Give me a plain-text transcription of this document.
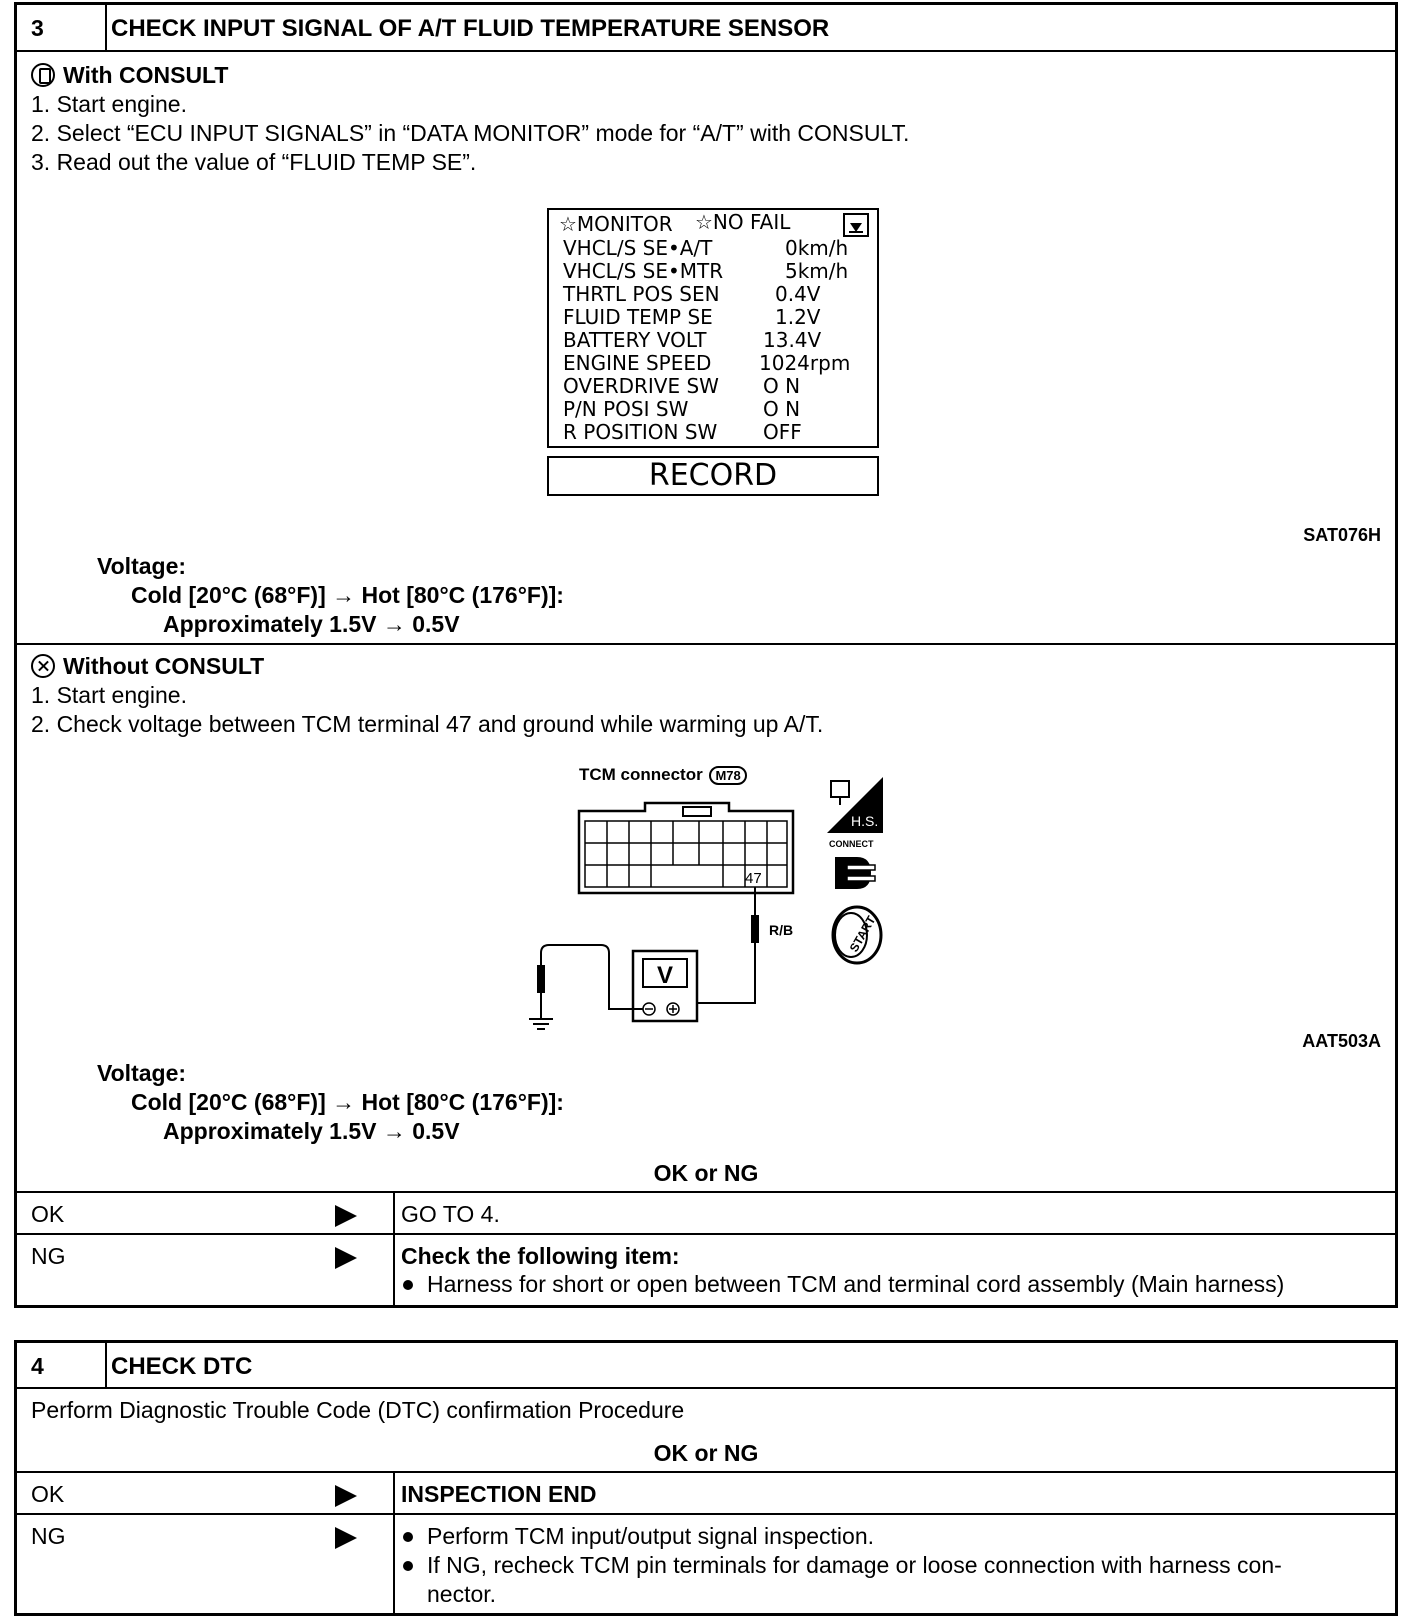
3	CHECK INPUT SIGNAL OF A/T FLUID TEMPERATURE SENSOR
With CONSULT
1. Start engine.
2. Select “ECU INPUT SIGNALS” in “DATA MONITOR” mode for “A/T” with CONSULT.
3. Read out the value of “FLUID TEMP SE”.
☆MONITOR ☆NO FAIL
VHCL/S SE•A/T	0km/h
VHCL/S SE•MTR	5km/h
THRTL POS SEN	0.4V
FLUID TEMP SE	1.2V
BATTERY VOLT	13.4V
ENGINE SPEED 1024rpm
OVERDRIVE SW O N
P/N POSI SW	O N
R POSITION SW OFF
RECORD
SAT076H
Voltage:
Cold [20°C (68°F)] → Hot [80°C (176°F)]:
Approximately 1.5V → 0.5V
Without CONSULT
1. Start engine.
2. Check voltage between TCM terminal 47 and ground while warming up A/T.
TCM connector M78
47
R/B
V
H.S.
CONNECT
START
AAT503A
Voltage:
Cold [20°C (68°F)] → Hot [80°C (176°F)]:
Approximately 1.5V → 0.5V
OK or NG
OK	GO TO 4.
NG	Check the following item:
Harness for short or open between TCM and terminal cord assembly (Main harness)
4	CHECK DTC
Perform Diagnostic Trouble Code (DTC) confirmation Procedure
OK or NG
OK	INSPECTION END
NG	Perform TCM input/output signal inspection.
If NG, recheck TCM pin terminals for damage or loose connection with harness con-
nector.
